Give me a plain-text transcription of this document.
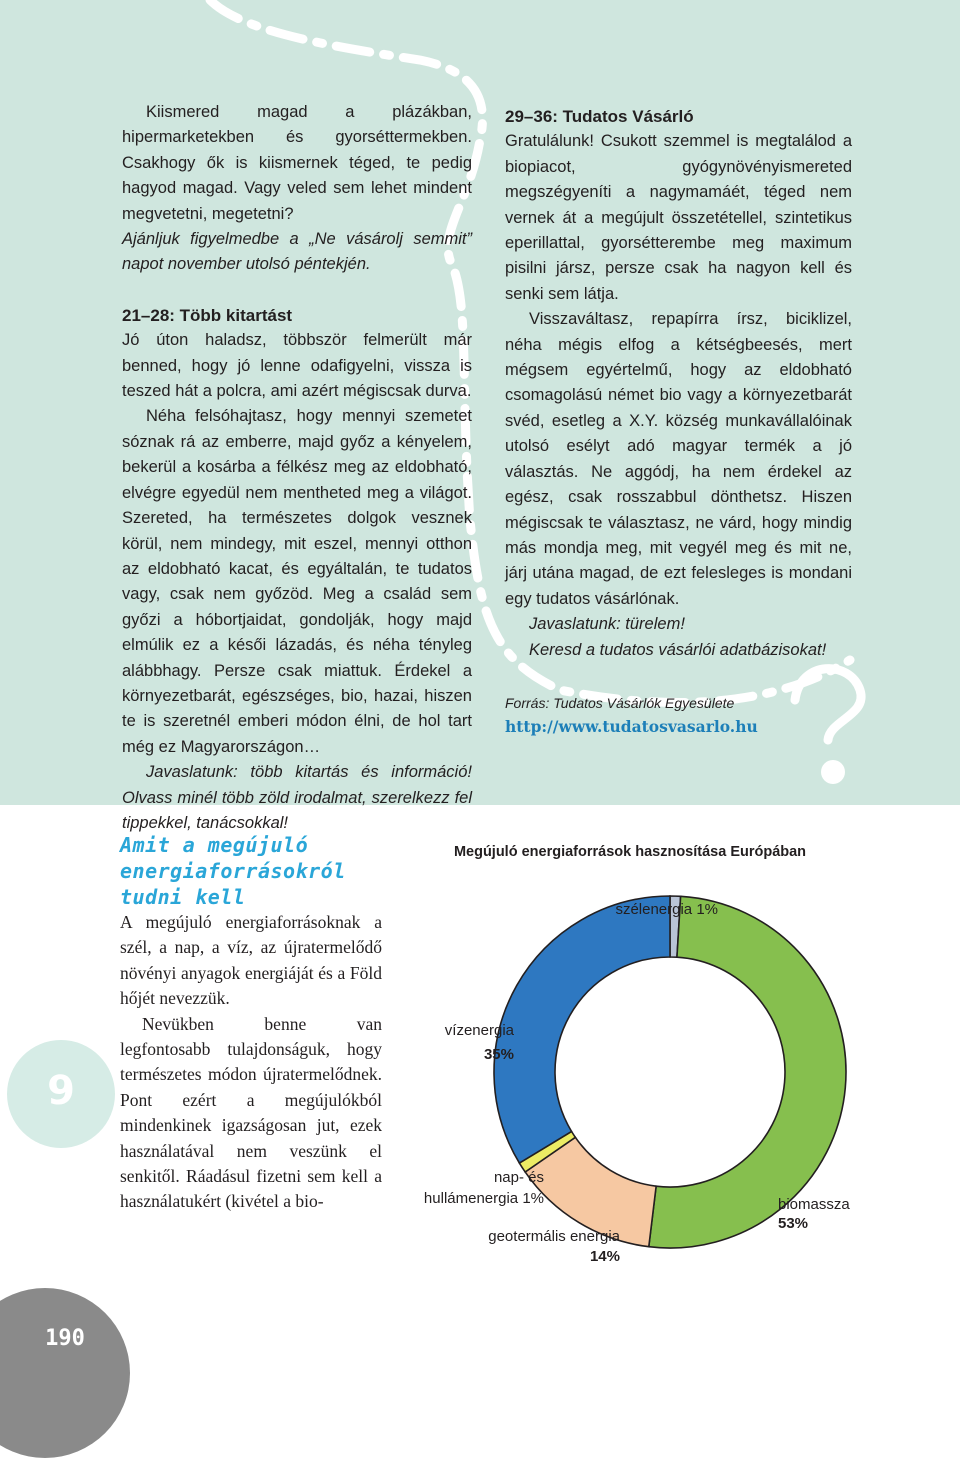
Kiismered magad a plázákban, hipermarketekben és gyorséttermekben. Csakhogy ők is kiismernek téged, te pedig hagyod magad. Vagy veled sem lehet mindent megvetetni, megetetni?

Ajánljuk figyelmedbe a „Ne vásárolj semmit” napot november utolsó péntekjén.

21–28: Több kitartást

Jó úton haladsz, többször felmerült már benned, hogy jó lenne odafigyelni, vissza is teszed hát a polcra, ami azért mégiscsak durva.

Néha felsóhajtasz, hogy mennyi szemetet sóznak rá az emberre, majd győz a kényelem, bekerül a kosárba a félkész meg az eldobható, elvégre egyedül nem mentheted meg a világot. Szereted, ha természetes dolgok vesznek körül, nem mindegy, mit eszel, mennyi otthon az eldobható kacat, és egyáltalán, te tudatos vagy, csak nem győzöd. Meg a család sem győzi a hóbortjaidat, gondolják, hogy majd elmúlik ez a késői lázadás, és néha tényleg alábbhagy. Persze csak miattuk. Érdekel a környezetbarát, egészséges, bio, hazai, hiszen te is szeretnél emberi módon élni, de hol tart még ez Magyarországon…

Javaslatunk: több kitartás és információ! Olvass minél több zöld irodalmat, szerelkezz fel tippekkel, tanácsokkal!

29–36: Tudatos Vásárló

Gratulálunk! Csukott szemmel is megtalálod a biopiacot, gyógynövényismereted megszégyeníti a nagymamáét, téged nem vernek át a megújult összetétellel, szintetikus eperillattal, gyorsétterembe meg maximum pisilni jársz, persze csak ha nagyon kell és senki sem látja.

Visszaváltasz, repapírra írsz, biciklizel, néha mégis elfog a kétségbeesés, mert mégsem egyértelmű, hogy az eldobható csomagolású német bio vagy a környezetbarát svéd, esetleg a X.Y. község munkavállalóinak utolsó esélyt adó magyar termék a jó választás. Ne aggódj, ha nem érdekel az egész, csak rosszabbul dönthetsz. Hiszen mégiscsak te választasz, ne várd, hogy mindig más mondja meg, mit vegyél meg és mit ne, járj utána magad, de ezt felesleges is mondani egy tudatos vásárlónak.

Javaslatunk: türelem!

Keresd a tudatos vásárlói adatbázisokat!

Forrás: Tudatos Vásárlók Egyesülete

http://www.tudatosvasarlo.hu
Amit a megújuló energiaforrásokról tudni kell

A megújuló energiaforrásoknak a szél, a nap, a víz, az újratermelődő növényi anyagok energiáját és a Föld hőjét nevezzük.

Nevükben benne van legfontosabb tulajdonságuk, hogy természetes módon újratermelődnek. Pont ezért a megújulókból mindenkinek igazságosan jut, ezek használatával nem veszünk el senkitől. Ráadásul fizetni sem kell a használatukért (kivétel a bio-

9
190
Megújuló energiaforrások hasznosítása Európában
szélenergia 1%
vízenergia
35%
nap- és
hullámenergia 1%
geotermális energia
14%
biomassza
53%
